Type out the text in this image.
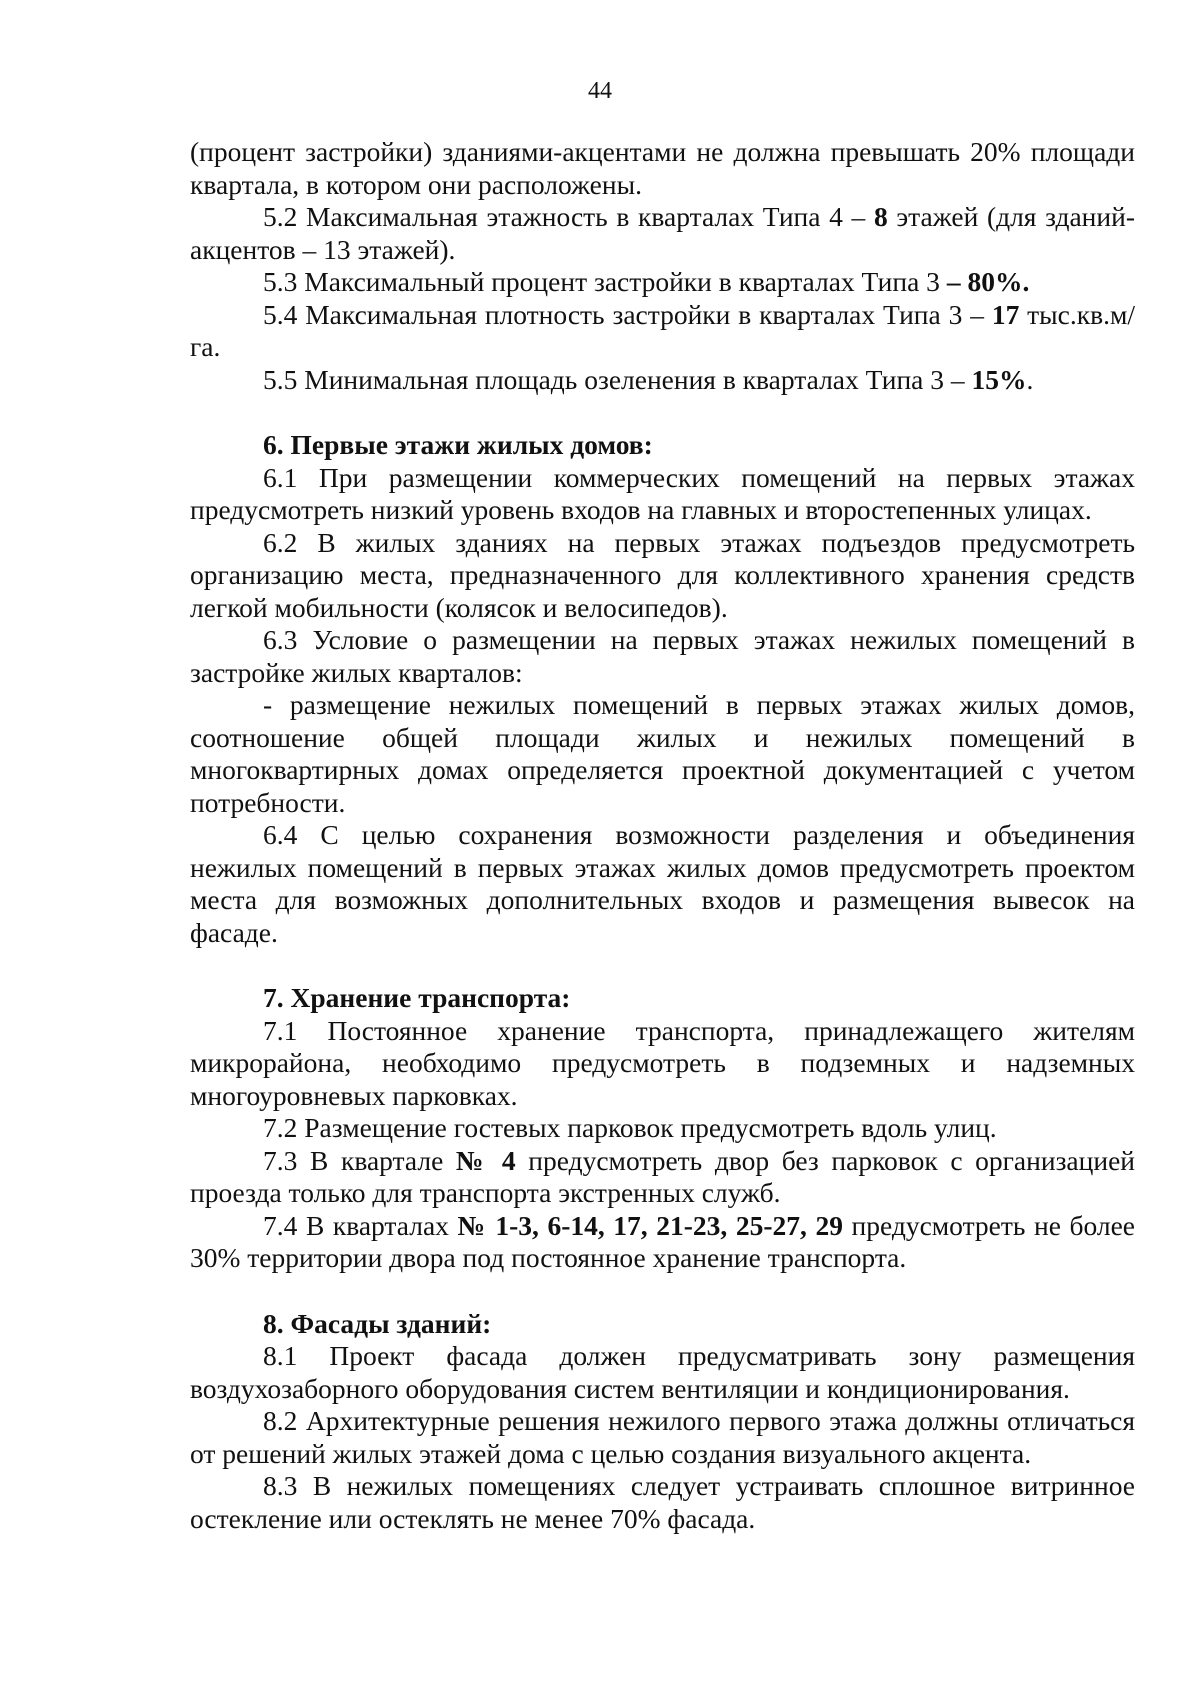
44

(процент застройки) зданиями-акцентами не должна превышать 20% площади квартала, в котором они расположены.

5.2 Максимальная этажность в кварталах Типа 4 – 8 этажей (для зданий-акцентов – 13 этажей).

5.3 Максимальный процент застройки в кварталах Типа 3 – 80%.

5.4 Максимальная плотность застройки в кварталах Типа 3 – 17 тыс.кв.м/га.

5.5 Минимальная площадь озеленения в кварталах Типа 3 – 15%.

6. Первые этажи жилых домов:

6.1 При размещении коммерческих помещений на первых этажах предусмотреть низкий уровень входов на главных и второстепенных улицах.

6.2 В жилых зданиях на первых этажах подъездов предусмотреть организацию места, предназначенного для коллективного хранения средств легкой мобильности (колясок и велосипедов).

6.3 Условие о размещении на первых этажах нежилых помещений в застройке жилых кварталов:

- размещение нежилых помещений в первых этажах жилых домов, соотношение общей площади жилых и нежилых помещений в многоквартирных домах определяется проектной документацией с учетом потребности.

6.4 С целью сохранения возможности разделения и объединения нежилых помещений в первых этажах жилых домов предусмотреть проектом места для возможных дополнительных входов и размещения вывесок на фасаде.

7. Хранение транспорта:

7.1 Постоянное хранение транспорта, принадлежащего жителям микрорайона, необходимо предусмотреть в подземных и надземных многоуровневых парковках.

7.2 Размещение гостевых парковок предусмотреть вдоль улиц.

7.3 В квартале № 4 предусмотреть двор без парковок с организацией проезда только для транспорта экстренных служб.

7.4 В кварталах № 1-3, 6-14, 17, 21-23, 25-27, 29 предусмотреть не более 30% территории двора под постоянное хранение транспорта.

8. Фасады зданий:

8.1 Проект фасада должен предусматривать зону размещения воздухозаборного оборудования систем вентиляции и кондиционирования.

8.2 Архитектурные решения нежилого первого этажа должны отличаться от решений жилых этажей дома с целью создания визуального акцента.

8.3 В нежилых помещениях следует устраивать сплошное витринное остекление или остеклять не менее 70% фасада.
